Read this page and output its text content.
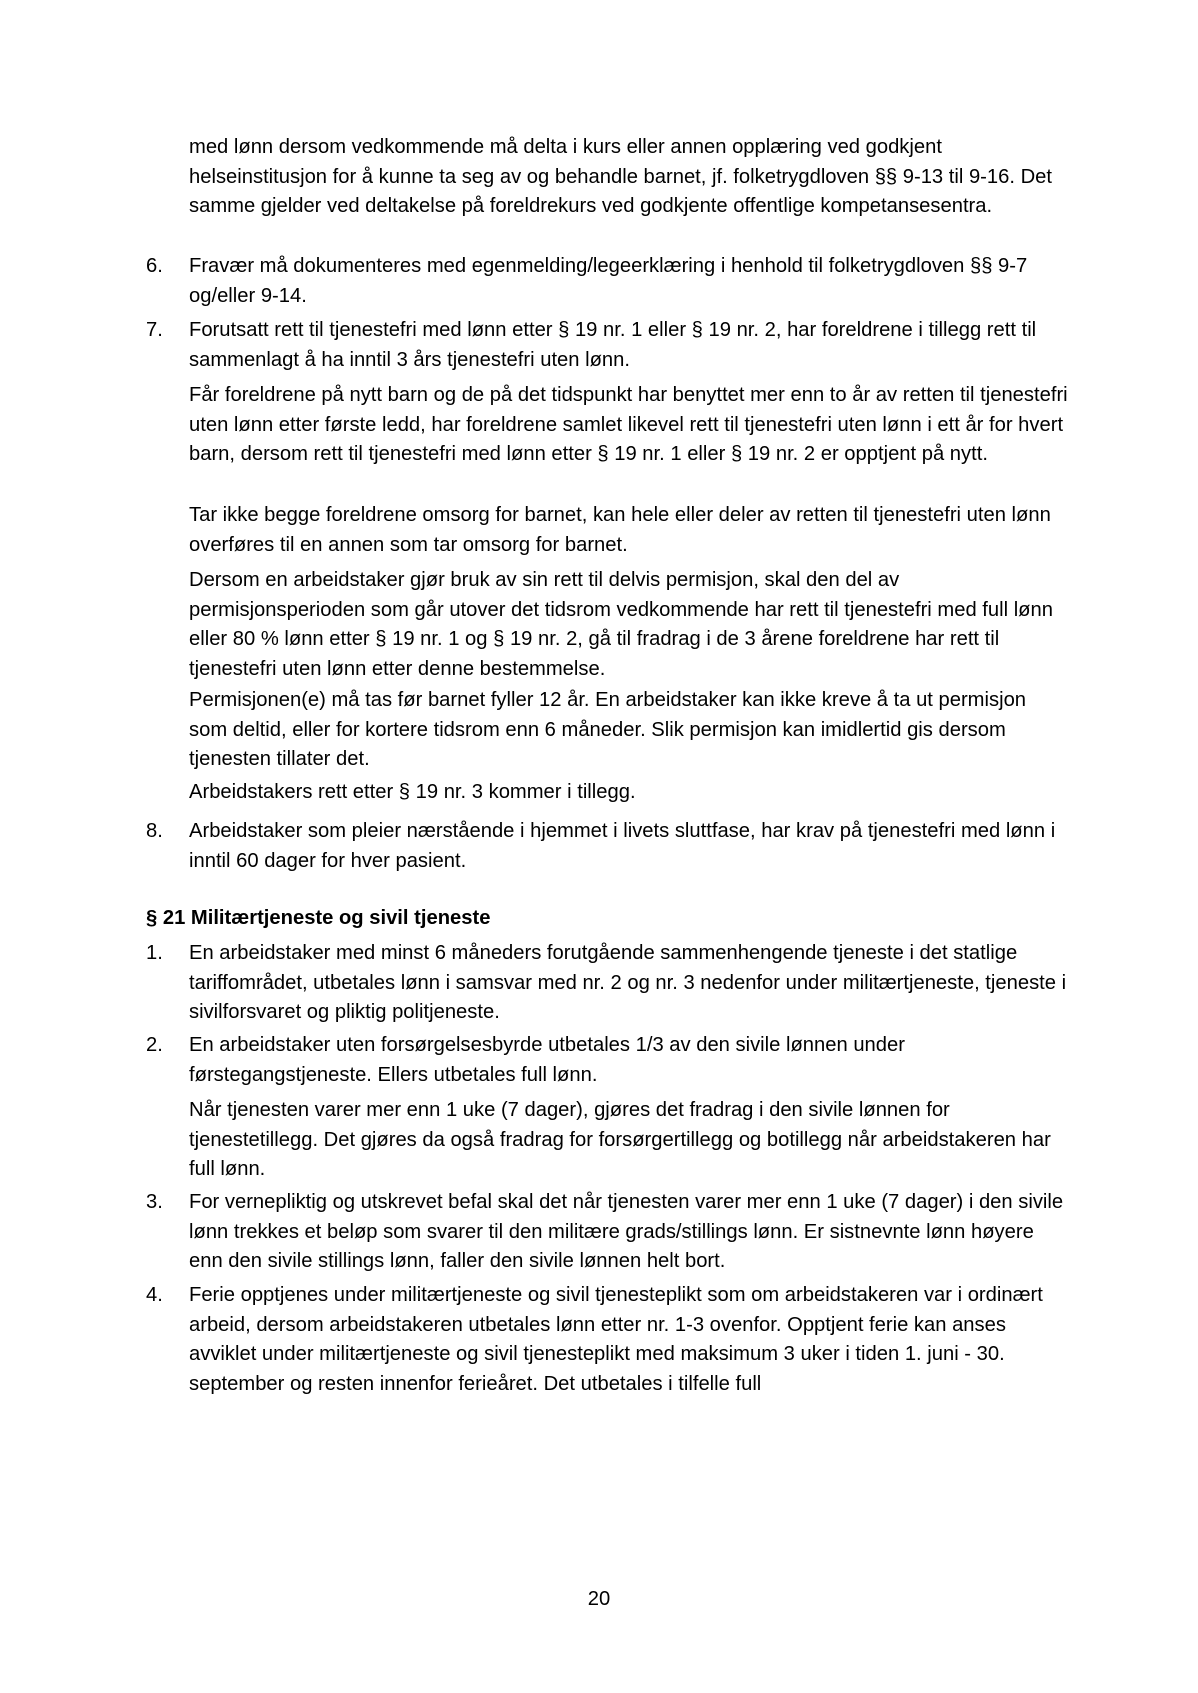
med lønn dersom vedkommende må delta i kurs eller annen opplæring ved godkjent helseinstitusjon for å kunne ta seg av og behandle barnet, jf. folketrygdloven §§ 9-13 til 9-16. Det samme gjelder ved deltakelse på foreldrekurs ved godkjente offentlige kompetansesentra.

6.	Fravær må dokumenteres med egenmelding/legeerklæring i henhold til folketrygdloven §§ 9-7 og/eller 9-14.

7.	Forutsatt rett til tjenestefri med lønn etter § 19 nr. 1 eller § 19 nr. 2, har foreldrene i tillegg rett til sammenlagt å ha inntil 3 års tjenestefri uten lønn.

Får foreldrene på nytt barn og de på det tidspunkt har benyttet mer enn to år av retten til tjenestefri uten lønn etter første ledd, har foreldrene samlet likevel rett til tjenestefri uten lønn i ett år for hvert barn, dersom rett til tjenestefri med lønn etter § 19 nr. 1 eller § 19 nr. 2 er opptjent på nytt.

Tar ikke begge foreldrene omsorg for barnet, kan hele eller deler av retten til tjenestefri uten lønn overføres til en annen som tar omsorg for barnet.

Dersom en arbeidstaker gjør bruk av sin rett til delvis permisjon, skal den del av permisjonsperioden som går utover det tidsrom vedkommende har rett til tjenestefri med full lønn eller 80 % lønn etter § 19 nr. 1 og § 19 nr. 2, gå til fradrag i de 3 årene foreldrene har rett til tjenestefri uten lønn etter denne bestemmelse.

Permisjonen(e) må tas før barnet fyller 12 år. En arbeidstaker kan ikke kreve å ta ut permisjon som deltid, eller for kortere tidsrom enn 6 måneder. Slik permisjon kan imidlertid gis dersom tjenesten tillater det.

Arbeidstakers rett etter § 19 nr. 3 kommer i tillegg.

8.	Arbeidstaker som pleier nærstående i hjemmet i livets sluttfase, har krav på tjenestefri med lønn i inntil 60 dager for hver pasient.

§ 21 Militærtjeneste og sivil tjeneste
1.	En arbeidstaker med minst 6 måneders forutgående sammenhengende tjeneste i det statlige tariffområdet, utbetales lønn i samsvar med nr. 2 og nr. 3 nedenfor under militærtjeneste, tjeneste i sivilforsvaret og pliktig politjeneste.

2.	En arbeidstaker uten forsørgelsesbyrde utbetales 1/3 av den sivile lønnen under førstegangstjeneste. Ellers utbetales full lønn.

Når tjenesten varer mer enn 1 uke (7 dager), gjøres det fradrag i den sivile lønnen for tjenestetillegg. Det gjøres da også fradrag for forsørgertillegg og botillegg når arbeidstakeren har full lønn.

3.	For vernepliktig og utskrevet befal skal det når tjenesten varer mer enn 1 uke (7 dager) i den sivile lønn trekkes et beløp som svarer til den militære grads/stillings lønn. Er sistnevnte lønn høyere enn den sivile stillings lønn, faller den sivile lønnen helt bort.

4.	Ferie opptjenes under militærtjeneste og sivil tjenesteplikt som om arbeidstakeren var i ordinært arbeid, dersom arbeidstakeren utbetales lønn etter nr. 1-3 ovenfor. Opptjent ferie kan anses avviklet under militærtjeneste og sivil tjenesteplikt med maksimum 3 uker i tiden 1. juni - 30. september og resten innenfor ferieåret. Det utbetales i tilfelle full

20
